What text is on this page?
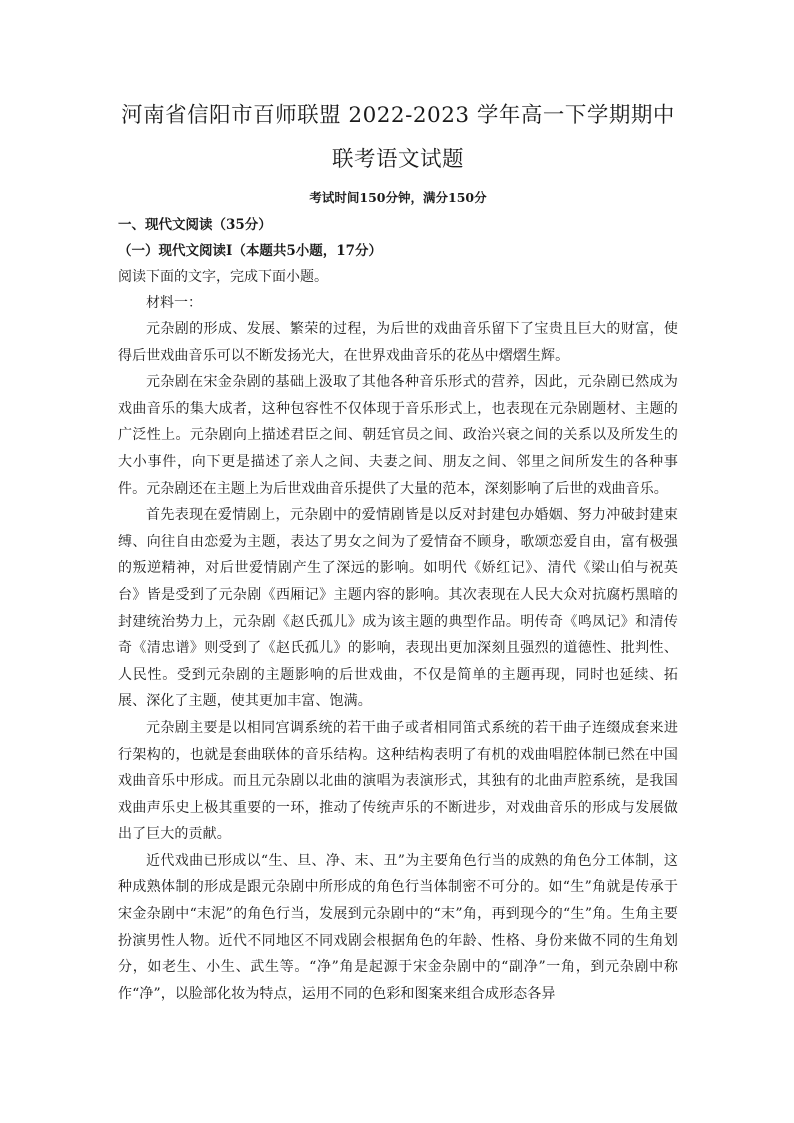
河南省信阳市百师联盟 2022-2023 学年高一下学期期中
联考语文试题
考试时间150分钟，满分150分

一、现代文阅读（35分）

（一）现代文阅读Ⅰ（本题共5小题，17分）

阅读下面的文字，完成下面小题。

材料一：

元杂剧的形成、发展、繁荣的过程，为后世的戏曲音乐留下了宝贵且巨大的财富，使得后世戏曲音乐可以不断发扬光大，在世界戏曲音乐的花丛中熠熠生辉。

元杂剧在宋金杂剧的基础上汲取了其他各种音乐形式的营养，因此，元杂剧已然成为戏曲音乐的集大成者，这种包容性不仅体现于音乐形式上，也表现在元杂剧题材、主题的广泛性上。元杂剧向上描述君臣之间、朝廷官员之间、政治兴衰之间的关系以及所发生的大小事件，向下更是描述了亲人之间、夫妻之间、朋友之间、邻里之间所发生的各种事件。元杂剧还在主题上为后世戏曲音乐提供了大量的范本，深刻影响了后世的戏曲音乐。

首先表现在爱情剧上，元杂剧中的爱情剧皆是以反对封建包办婚姻、努力冲破封建束缚、向往自由恋爱为主题，表达了男女之间为了爱情奋不顾身，歌颂恋爱自由，富有极强的叛逆精神，对后世爱情剧产生了深远的影响。如明代《娇红记》、清代《梁山伯与祝英台》皆是受到了元杂剧《西厢记》主题内容的影响。其次表现在人民大众对抗腐朽黑暗的封建统治势力上，元杂剧《赵氏孤儿》成为该主题的典型作品。明传奇《鸣凤记》和清传奇《清忠谱》则受到了《赵氏孤儿》的影响，表现出更加深刻且强烈的道德性、批判性、人民性。受到元杂剧的主题影响的后世戏曲，不仅是简单的主题再现，同时也延续、拓展、深化了主题，使其更加丰富、饱满。

元杂剧主要是以相同宫调系统的若干曲子或者相同笛式系统的若干曲子连缀成套来进行架构的，也就是套曲联体的音乐结构。这种结构表明了有机的戏曲唱腔体制已然在中国戏曲音乐中形成。而且元杂剧以北曲的演唱为表演形式，其独有的北曲声腔系统，是我国戏曲声乐史上极其重要的一环，推动了传统声乐的不断进步，对戏曲音乐的形成与发展做出了巨大的贡献。

近代戏曲已形成以“生、旦、净、末、丑”为主要角色行当的成熟的角色分工体制，这种成熟体制的形成是跟元杂剧中所形成的角色行当体制密不可分的。如“生”角就是传承于宋金杂剧中“末泥”的角色行当，发展到元杂剧中的“末”角，再到现今的“生”角。生角主要扮演男性人物。近代不同地区不同戏剧会根据角色的年龄、性格、身份来做不同的生角划分，如老生、小生、武生等。“净”角是起源于宋金杂剧中的“副净”一角，到元杂剧中称作“净”，以脸部化妆为特点，运用不同的色彩和图案来组合成形态各异
